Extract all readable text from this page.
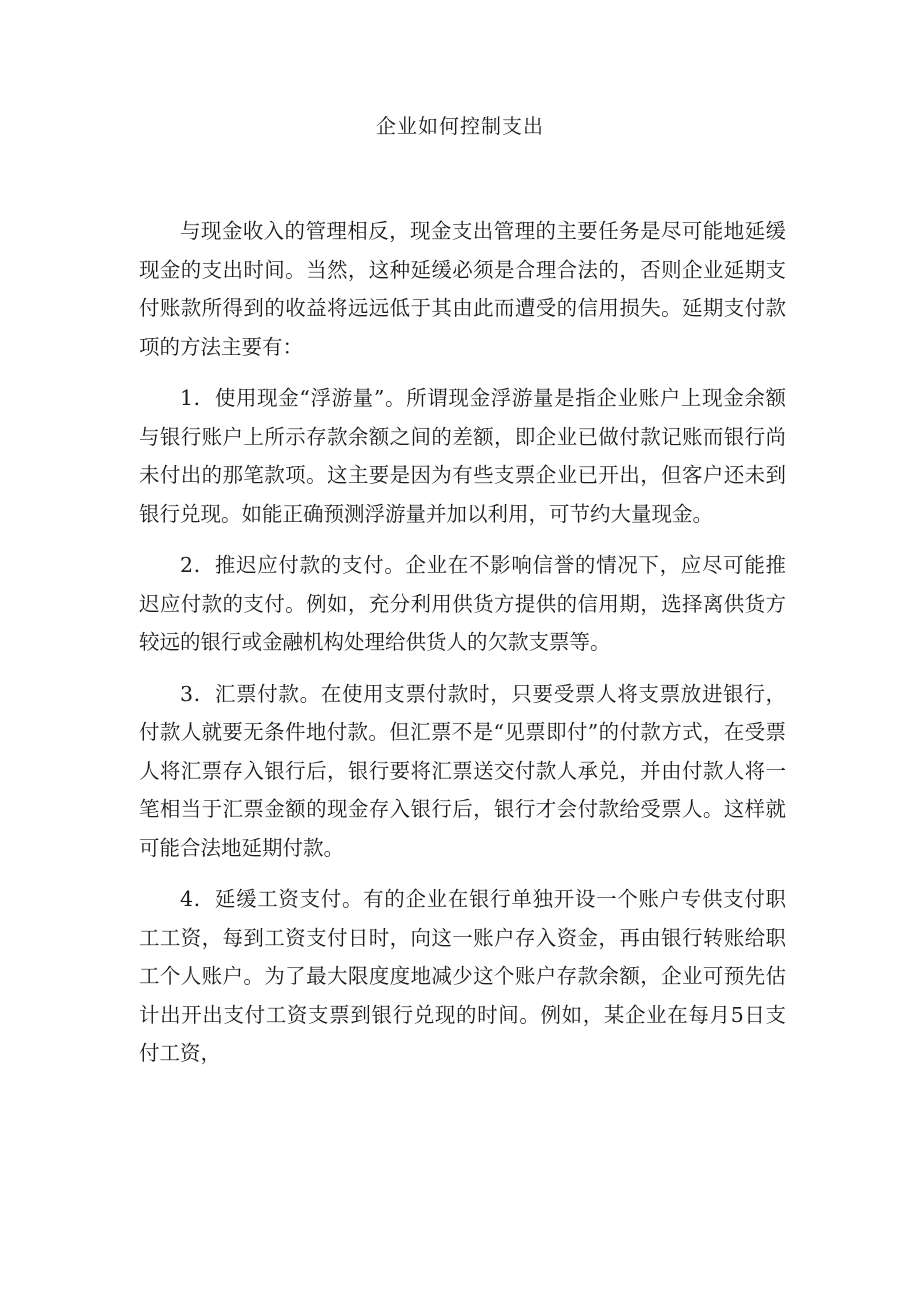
企业如何控制支出

与现金收入的管理相反，现金支出管理的主要任务是尽可能地延缓现金的支出时间。当然，这种延缓必须是合理合法的，否则企业延期支付账款所得到的收益将远远低于其由此而遭受的信用损失。延期支付款项的方法主要有：

1．使用现金“浮游量”。所谓现金浮游量是指企业账户上现金余额与银行账户上所示存款余额之间的差额，即企业已做付款记账而银行尚未付出的那笔款项。这主要是因为有些支票企业已开出，但客户还未到银行兑现。如能正确预测浮游量并加以利用，可节约大量现金。

2．推迟应付款的支付。企业在不影响信誉的情况下，应尽可能推迟应付款的支付。例如，充分利用供货方提供的信用期，选择离供货方较远的银行或金融机构处理给供货人的欠款支票等。

3．汇票付款。在使用支票付款时，只要受票人将支票放进银行，付款人就要无条件地付款。但汇票不是“见票即付”的付款方式，在受票人将汇票存入银行后，银行要将汇票送交付款人承兑，并由付款人将一笔相当于汇票金额的现金存入银行后，银行才会付款给受票人。这样就可能合法地延期付款。

4．延缓工资支付。有的企业在银行单独开设一个账户专供支付职工工资，每到工资支付日时，向这一账户存入资金，再由银行转账给职工个人账户。为了最大限度度地减少这个账户存款余额，企业可预先估计出开出支付工资支票到银行兑现的时间。例如，某企业在每月5日支付工资，
